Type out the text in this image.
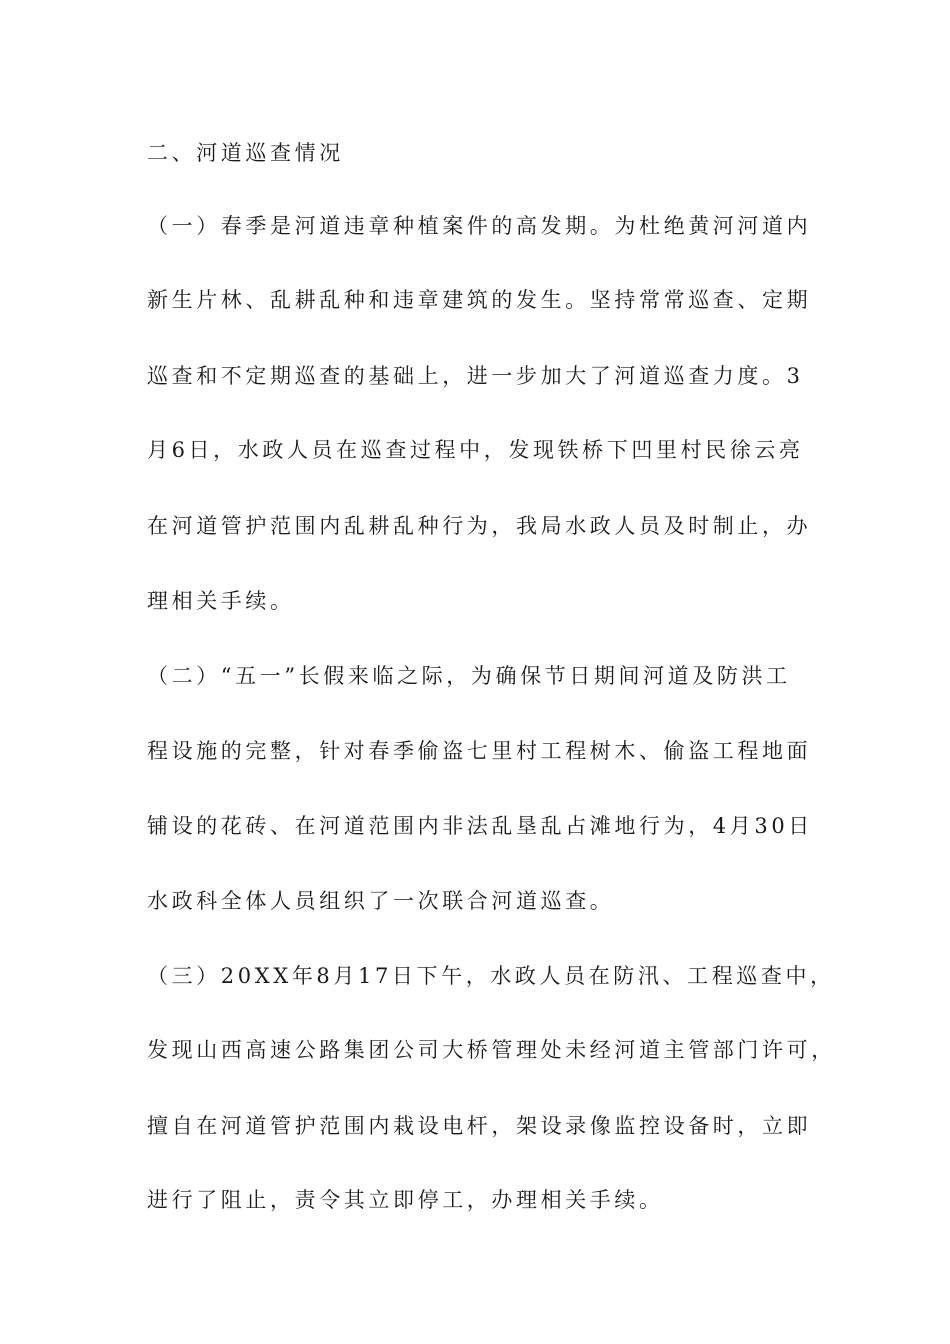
二、河道巡查情况
（一）春季是河道违章种植案件的高发期。为杜绝黄河河道内
新生片林、乱耕乱种和违章建筑的发生。坚持常常巡查、定期
巡查和不定期巡查的基础上，进一步加大了河道巡查力度。3
月6日，水政人员在巡查过程中，发现铁桥下凹里村民徐云亮
在河道管护范围内乱耕乱种行为，我局水政人员及时制止，办
理相关手续。
（二）“五一”长假来临之际，为确保节日期间河道及防洪工
程设施的完整，针对春季偷盗七里村工程树木、偷盗工程地面
铺设的花砖、在河道范围内非法乱垦乱占滩地行为，4月30日
水政科全体人员组织了一次联合河道巡查。
（三）20XX年8月17日下午，水政人员在防汛、工程巡查中，
发现山西高速公路集团公司大桥管理处未经河道主管部门许可，
擅自在河道管护范围内栽设电杆，架设录像监控设备时，立即
进行了阻止，责令其立即停工，办理相关手续。
